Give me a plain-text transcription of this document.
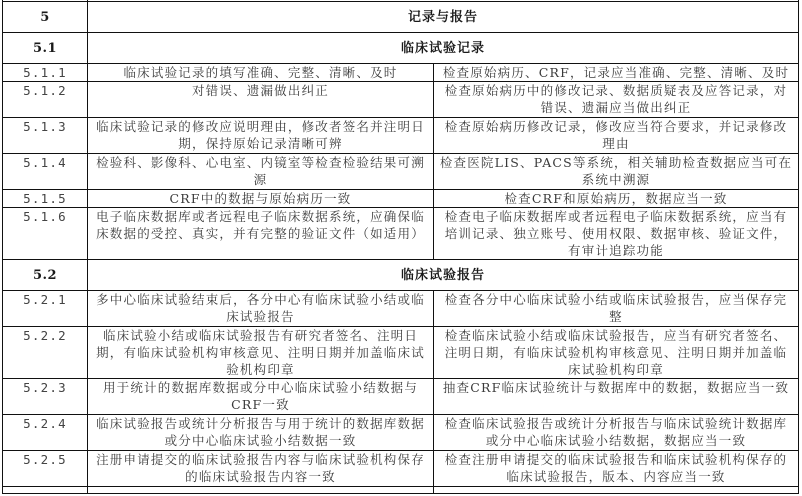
5	记录与报告	
5.1	临床试验记录	
5.1.1	临床试验记录的填写准确、完整、清晰、及时	检查原始病历、CRF，记录应当准确、完整、清晰、及时
5.1.2	对错误、遗漏做出纠正	检查原始病历中的修改记录、数据质疑表及应答记录，对错误、遗漏应当做出纠正
5.1.3	临床试验记录的修改应说明理由，修改者签名并注明日期，保持原始记录清晰可辨	检查原始病历修改记录，修改应当符合要求，并记录修改理由
5.1.4	检验科、影像科、心电室、内镜室等检查检验结果可溯源	检查医院LIS、PACS等系统，相关辅助检查数据应当可在系统中溯源
5.1.5	CRF中的数据与原始病历一致	检查CRF和原始病历，数据应当一致
5.1.6	电子临床数据库或者远程电子临床数据系统，应确保临床数据的受控、真实，并有完整的验证文件（如适用）	检查电子临床数据库或者远程电子临床数据系统，应当有培训记录、独立账号、使用权限、数据审核、验证文件，有审计追踪功能
5.2	临床试验报告	
5.2.1	多中心临床试验结束后，各分中心有临床试验小结或临床试验报告	检查各分中心临床试验小结或临床试验报告，应当保存完整
5.2.2	临床试验小结或临床试验报告有研究者签名、注明日期，有临床试验机构审核意见、注明日期并加盖临床试验机构印章	检查临床试验小结或临床试验报告，应当有研究者签名、注明日期，有临床试验机构审核意见、注明日期并加盖临床试验机构印章
5.2.3	用于统计的数据库数据或分中心临床试验小结数据与CRF一致	抽查CRF临床试验统计与数据库中的数据，数据应当一致
5.2.4	临床试验报告或统计分析报告与用于统计的数据库数据或分中心临床试验小结数据一致	检查临床试验报告或统计分析报告与临床试验统计数据库或分中心临床试验小结数据，数据应当一致
5.2.5	注册申请提交的临床试验报告内容与临床试验机构保存的临床试验报告内容一致	检查注册申请提交的临床试验报告和临床试验机构保存的临床试验报告，版本、内容应当一致
